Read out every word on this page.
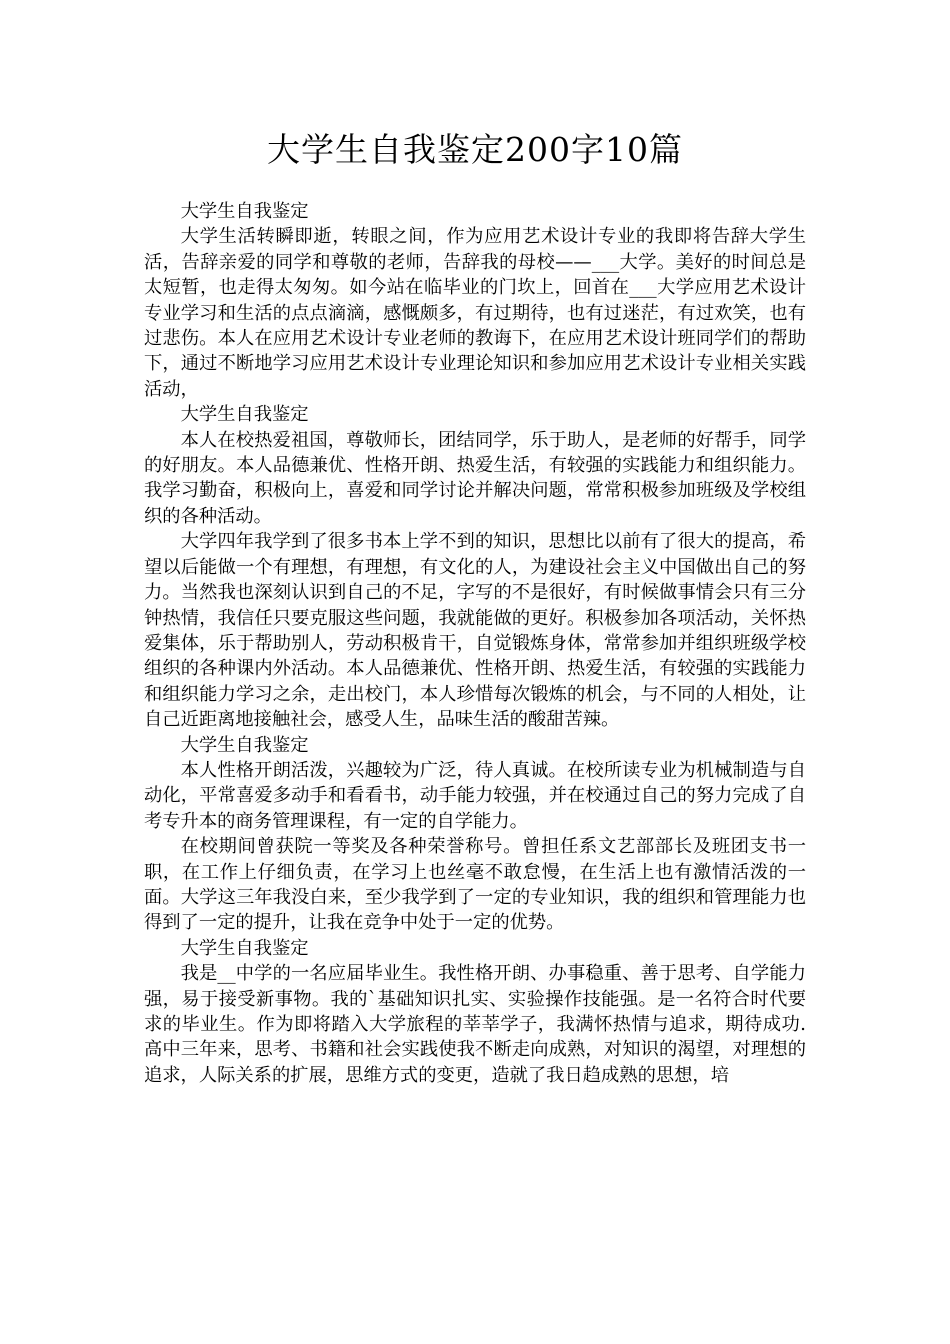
大学生自我鉴定200字10篇

大学生自我鉴定

大学生活转瞬即逝，转眼之间，作为应用艺术设计专业的我即将告辞大学生活，告辞亲爱的同学和尊敬的老师，告辞我的母校——___大学。美好的时间总是太短暂，也走得太匆匆。如今站在临毕业的门坎上，回首在___大学应用艺术设计专业学习和生活的点点滴滴，感慨颇多，有过期待，也有过迷茫，有过欢笑，也有过悲伤。本人在应用艺术设计专业老师的教诲下，在应用艺术设计班同学们的帮助下，通过不断地学习应用艺术设计专业理论知识和参加应用艺术设计专业相关实践活动，

大学生自我鉴定

本人在校热爱祖国，尊敬师长，团结同学，乐于助人，是老师的好帮手，同学的好朋友。本人品德兼优、性格开朗、热爱生活，有较强的实践能力和组织能力。我学习勤奋，积极向上，喜爱和同学讨论并解决问题，常常积极参加班级及学校组织的各种活动。

大学四年我学到了很多书本上学不到的知识，思想比以前有了很大的提高，希望以后能做一个有理想，有理想，有文化的人，为建设社会主义中国做出自己的努力。当然我也深刻认识到自己的不足，字写的不是很好，有时候做事情会只有三分钟热情，我信任只要克服这些问题，我就能做的更好。积极参加各项活动，关怀热爱集体，乐于帮助别人，劳动积极肯干，自觉锻炼身体，常常参加并组织班级学校组织的各种课内外活动。本人品德兼优、性格开朗、热爱生活，有较强的实践能力和组织能力学习之余，走出校门，本人珍惜每次锻炼的机会，与不同的人相处，让自己近距离地接触社会，感受人生，品味生活的酸甜苦辣。

大学生自我鉴定

本人性格开朗活泼，兴趣较为广泛，待人真诚。在校所读专业为机械制造与自动化，平常喜爱多动手和看看书，动手能力较强，并在校通过自己的努力完成了自考专升本的商务管理课程，有一定的自学能力。

在校期间曾获院一等奖及各种荣誉称号。曾担任系文艺部部长及班团支书一职，在工作上仔细负责，在学习上也丝毫不敢怠慢，在生活上也有激情活泼的一面。大学这三年我没白来，至少我学到了一定的专业知识，我的组织和管理能力也得到了一定的提升，让我在竞争中处于一定的优势。

大学生自我鉴定

我是__中学的一名应届毕业生。我性格开朗、办事稳重、善于思考、自学能力强，易于接受新事物。我的`基础知识扎实、实验操作技能强。是一名符合时代要求的毕业生。作为即将踏入大学旅程的莘莘学子，我满怀热情与追求，期待成功.高中三年来，思考、书籍和社会实践使我不断走向成熟，对知识的渴望，对理想的追求，人际关系的扩展，思维方式的变更，造就了我日趋成熟的思想，培
